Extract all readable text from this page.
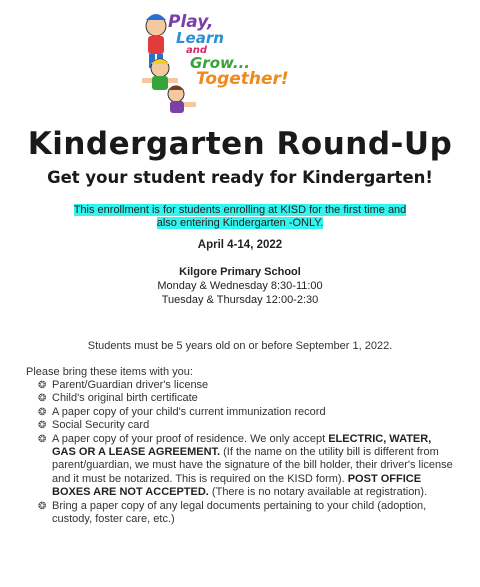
Play,
Learn
and
Grow...
Together!
Kindergarten Round-Up
Get your student ready for Kindergarten!
This enrollment is for students enrolling at KISD for the first time and
also entering Kindergarten -ONLY.
April 4-14, 2022
Kilgore Primary School
Monday & Wednesday 8:30-11:00
Tuesday & Thursday 12:00-2:30
Students must be 5 years old on or before September 1, 2022.
Please bring these items with you:
❂ Parent/Guardian driver's license
❂ Child's original birth certificate
❂ A paper copy of your child's current immunization record
❂ Social Security card
❂ A paper copy of your proof of residence. We only accept ELECTRIC, WATER, GAS OR A LEASE AGREEMENT. (If the name on the utility bill is different from parent/guardian, we must have the signature of the bill holder, their driver's license and it must be notarized. This is required on the KISD form). POST OFFICE BOXES ARE NOT ACCEPTED. (There is no notary available at registration).
❂ Bring a paper copy of any legal documents pertaining to your child (adoption, custody, foster care, etc.)
